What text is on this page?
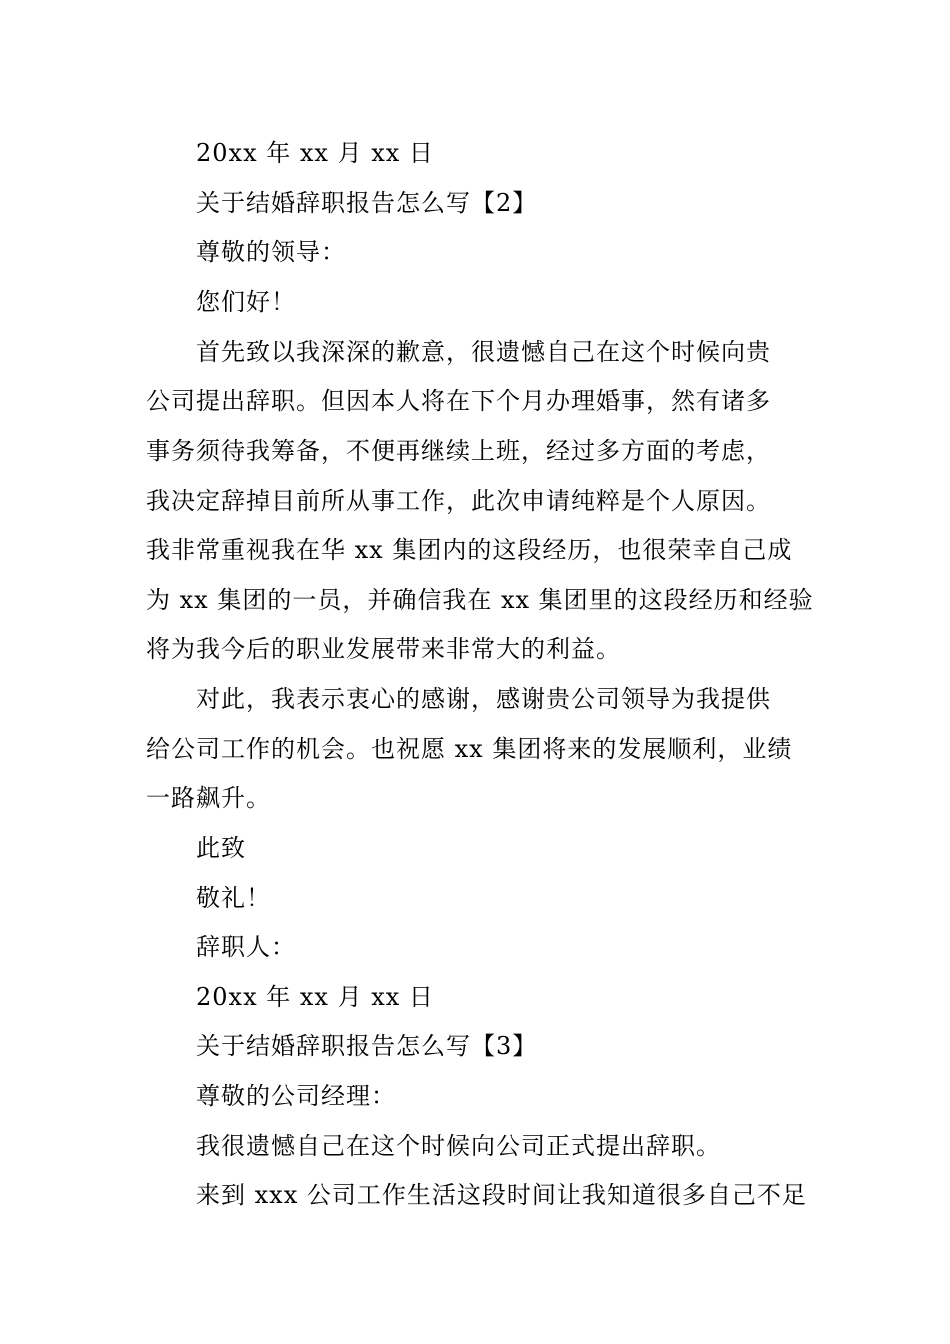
20xx 年 xx 月 xx 日
关于结婚辞职报告怎么写【2】
尊敬的领导：
您们好！
首先致以我深深的歉意，很遗憾自己在这个时候向贵
公司提出辞职。但因本人将在下个月办理婚事，然有诸多
事务须待我筹备，不便再继续上班，经过多方面的考虑，
我决定辞掉目前所从事工作，此次申请纯粹是个人原因。
我非常重视我在华 xx 集团内的这段经历，也很荣幸自己成
为 xx 集团的一员，并确信我在 xx 集团里的这段经历和经验
将为我今后的职业发展带来非常大的利益。
对此，我表示衷心的感谢，感谢贵公司领导为我提供
给公司工作的机会。也祝愿 xx 集团将来的发展顺利，业绩
一路飙升。
此致
敬礼！
辞职人：
20xx 年 xx 月 xx 日
关于结婚辞职报告怎么写【3】
尊敬的公司经理：
我很遗憾自己在这个时候向公司正式提出辞职。
来到 xxx 公司工作生活这段时间让我知道很多自己不足
